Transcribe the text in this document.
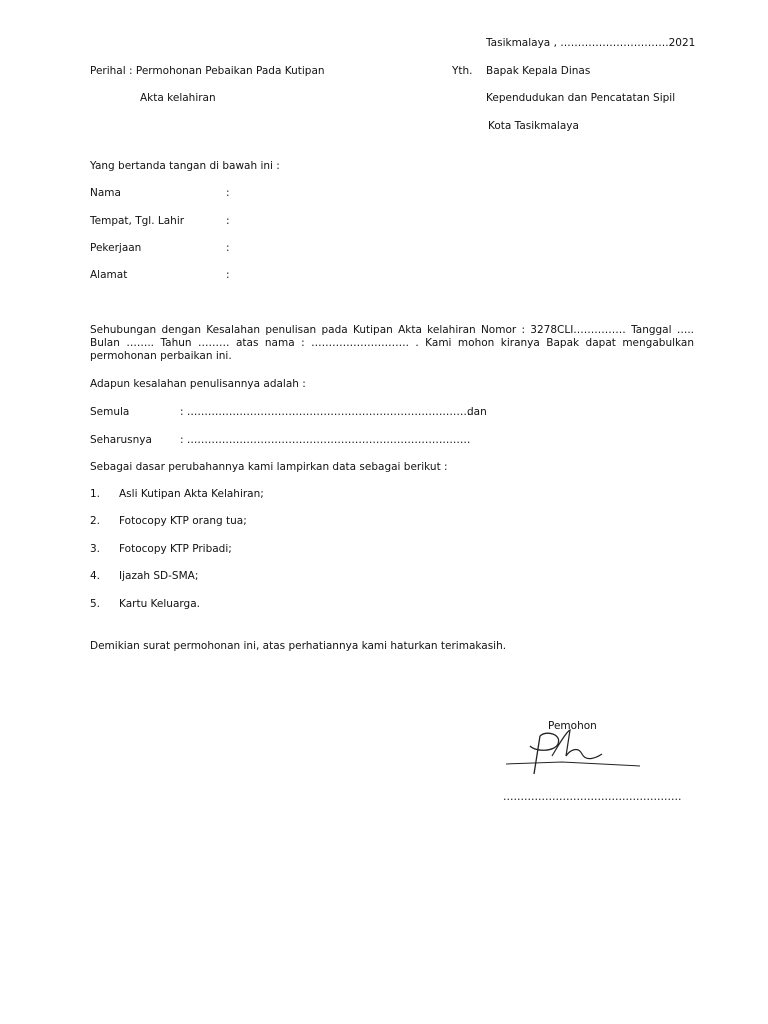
Tasikmalaya , ………………………….2021
Perihal : Permohonan Pebaikan Pada Kutipan
Akta kelahiran
Yth. Bapak Kepala Dinas
Kependudukan dan Pencatatan Sipil
Kota Tasikmalaya
Yang bertanda tangan di bawah ini :
Nama	:
Tempat, Tgl. Lahir	:
Pekerjaan	:
Alamat	:
Sehubungan dengan Kesalahan penulisan pada Kutipan Akta kelahiran Nomor : 3278CLI…………… Tanggal ….. Bulan …….. Tahun ……… atas nama : ………………………. . Kami mohon kiranya Bapak dapat mengabulkan permohonan perbaikan ini.
Adapun kesalahan penulisannya adalah :
Semula	: ………………………………………………………………………
dan
Seharusnya	: ………………………………………………………………………
Sebagai dasar perubahannya kami lampirkan data sebagai berikut :
1. Asli Kutipan Akta Kelahiran;
2. Fotocopy KTP orang tua;
3. Fotocopy KTP Pribadi;
4. Ijazah SD-SMA;
5. Kartu Keluarga.
Demikian surat permohonan ini, atas perhatiannya kami haturkan terimakasih.
Pemohon
……………………………………………
